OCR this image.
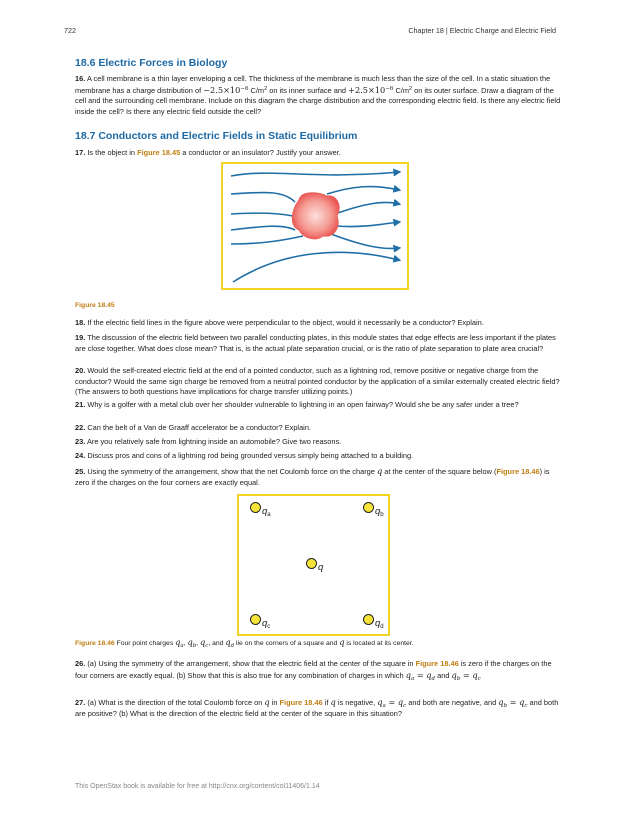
722	Chapter 18 | Electric Charge and Electric Field
18.6 Electric Forces in Biology
16. A cell membrane is a thin layer enveloping a cell. The thickness of the membrane is much less than the size of the cell. In a static situation the membrane has a charge distribution of $-2.5\times 10^{-6}$ $C/m^2$ on its inner surface and $+2.5\times 10^{-6}$ $C/m^2$ on its outer surface. Draw a diagram of the cell and the surrounding cell membrane. Include on this diagram the charge distribution and the corresponding electric field. Is there any electric field inside the cell? Is there any electric field outside the cell?
18.7 Conductors and Electric Fields in Static Equilibrium
17. Is the object in Figure 18.45 a conductor or an insulator? Justify your answer.
Figure 18.45
18. If the electric field lines in the figure above were perpendicular to the object, would it necessarily be a conductor? Explain.
19. The discussion of the electric field between two parallel conducting plates, in this module states that edge effects are less important if the plates are close together. What does close mean? That is, is the actual plate separation crucial, or is the ratio of plate separation to plate area crucial?
20. Would the self-created electric field at the end of a pointed conductor, such as a lightning rod, remove positive or negative charge from the conductor? Would the same sign charge be removed from a neutral pointed conductor by the application of a similar externally created electric field? (The answers to both questions have implications for charge transfer utilizing points.)
21. Why is a golfer with a metal club over her shoulder vulnerable to lightning in an open fairway? Would she be any safer under a tree?
22. Can the belt of a Van de Graaff accelerator be a conductor? Explain.
23. Are you relatively safe from lightning inside an automobile? Give two reasons.
24. Discuss pros and cons of a lightning rod being grounded versus simply being attached to a building.
25. Using the symmetry of the arrangement, show that the net Coulomb force on the charge q at the center of the square below (Figure 18.46) is zero if the charges on the four corners are exactly equal.
$q_a$	$q_b$
q
$q_c$	$q_d$
Figure 18.46 Four point charges $q_a$, $q_b$, $q_c$, and $q_d$ lie on the corners of a square and q is located at its center.
26. (a) Using the symmetry of the arrangement, show that the electric field at the center of the square in Figure 18.46 is zero if the charges on the four corners are exactly equal. (b) Show that this is also true for any combination of charges in which $q_a = q_d$ and $q_b = q_c$
27. (a) What is the direction of the total Coulomb force on q in Figure 18.46 if q is negative, $q_a = q_c$ and both are negative, and $q_b = q_c$ and both are positive? (b) What is the direction of the electric field at the center of the square in this situation?
This OpenStax book is available for free at http://cnx.org/content/col11406/1.14
